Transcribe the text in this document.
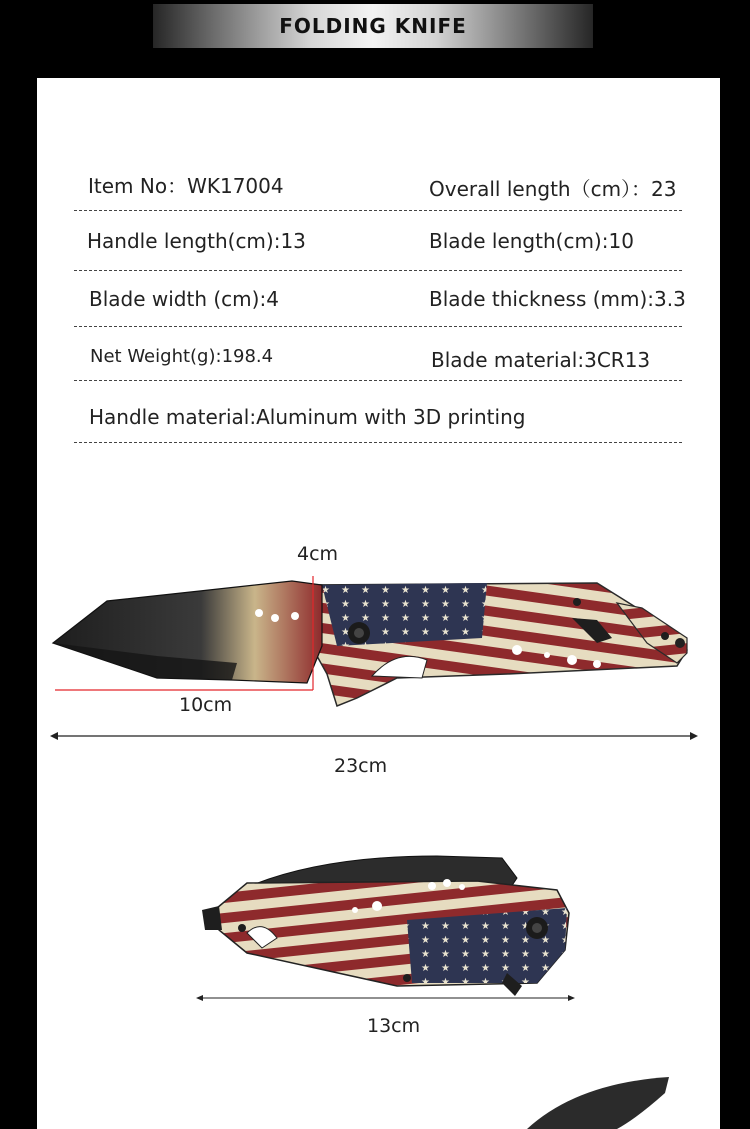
FOLDING KNIFE
Item No：WK17004	Overall length（cm）：23
Handle length(cm):13	Blade length(cm):10
Blade width (cm):4	Blade thickness (mm):3.3
Net Weight(g):198.4	Blade material:3CR13
Handle material:Aluminum with 3D printing
4cm
10cm
23cm
13cm
